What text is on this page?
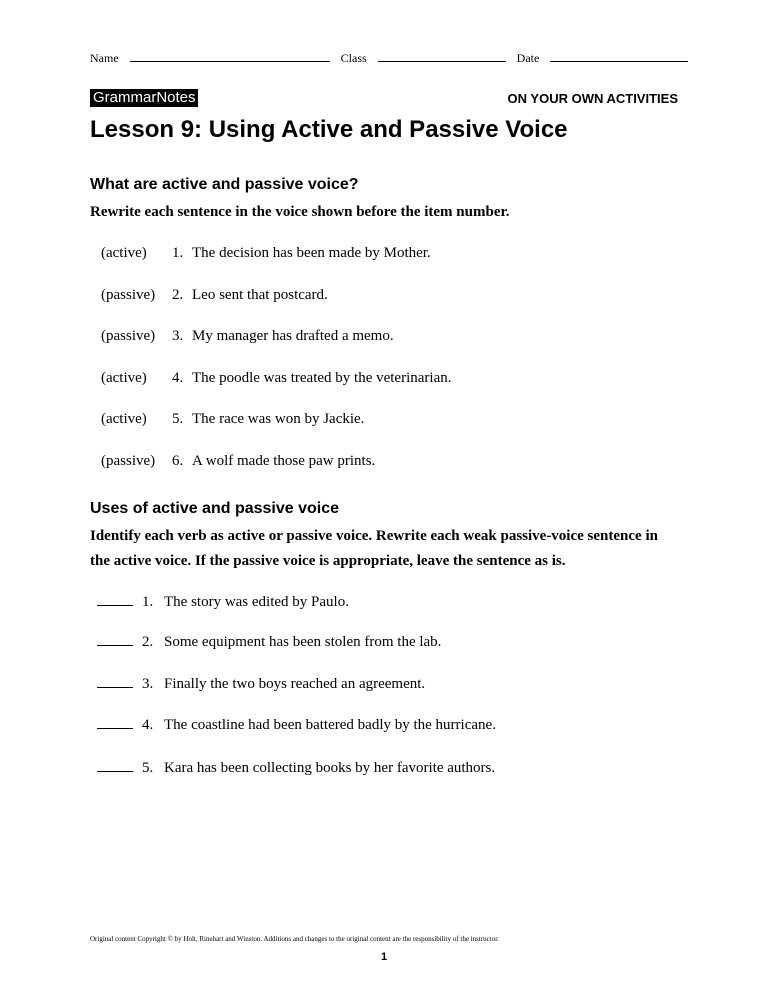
Name	Class	Date
GrammarNotes	ON YOUR OWN ACTIVITIES
Lesson 9: Using Active and Passive Voice
What are active and passive voice?
Rewrite each sentence in the voice shown before the item number.
(active) 1. The decision has been made by Mother.
(passive) 2. Leo sent that postcard.
(passive) 3. My manager has drafted a memo.
(active) 4. The poodle was treated by the veterinarian.
(active) 5. The race was won by Jackie.
(passive) 6. A wolf made those paw prints.
Uses of active and passive voice
Identify each verb as active or passive voice. Rewrite each weak passive-voice sentence in the active voice. If the passive voice is appropriate, leave the sentence as is.
1. The story was edited by Paulo.
2. Some equipment has been stolen from the lab.
3. Finally the two boys reached an agreement.
4. The coastline had been battered badly by the hurricane.
5. Kara has been collecting books by her favorite authors.
Original content Copyright © by Holt, Rinehart and Winston. Additions and changes to the original content are the responsibility of the instructor.
1
